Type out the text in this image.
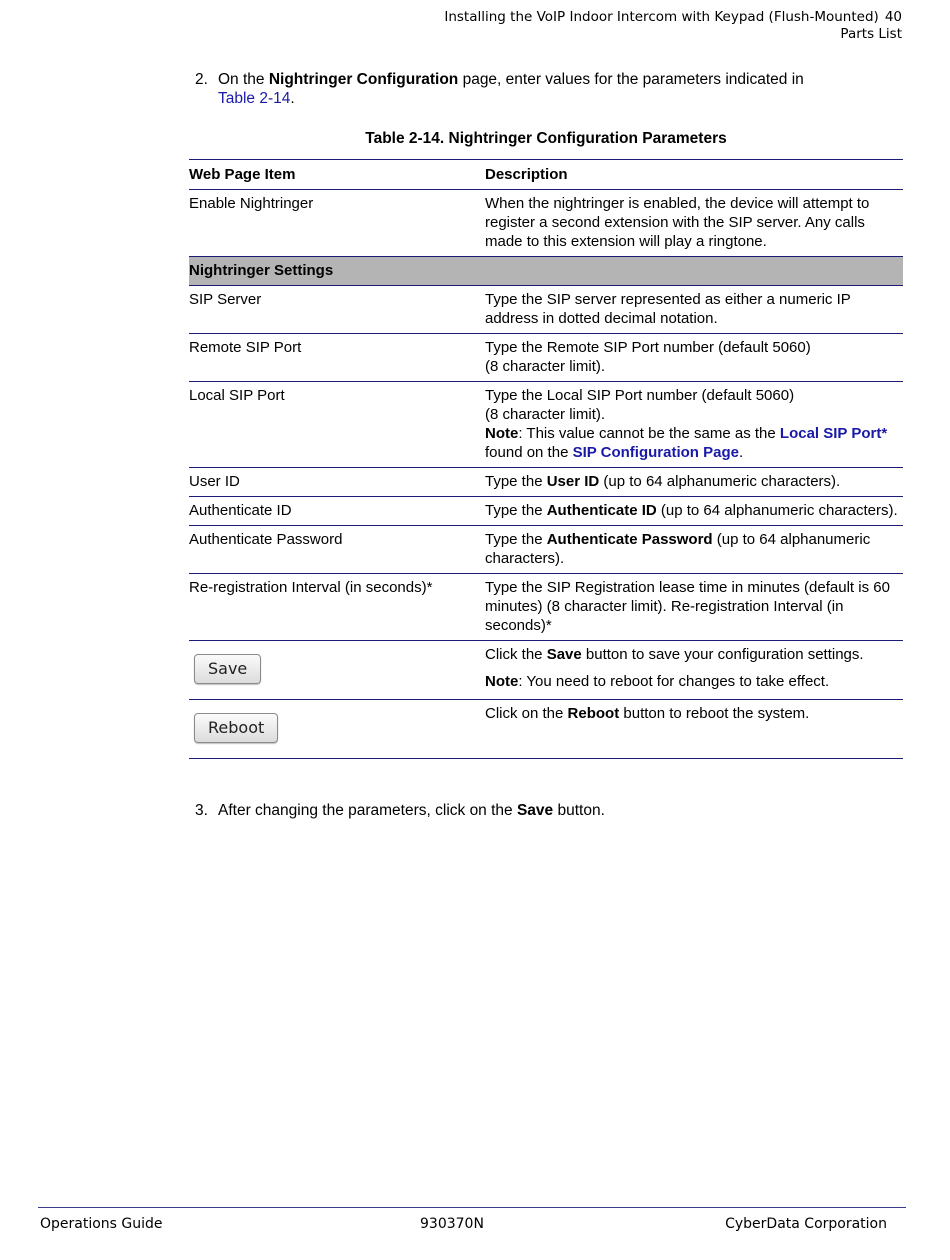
Installing the VoIP Indoor Intercom with Keypad (Flush-Mounted) 40
Parts List
2. On the Nightringer Configuration page, enter values for the parameters indicated in Table 2-14.
Table 2-14. Nightringer Configuration Parameters
Web Page Item	Description
Enable Nightringer	When the nightringer is enabled, the device will attempt to register a second extension with the SIP server. Any calls made to this extension will play a ringtone.
Nightringer Settings	
SIP Server	Type the SIP server represented as either a numeric IP address in dotted decimal notation.
Remote SIP Port	Type the Remote SIP Port number (default 5060)
(8 character limit).

Local SIP Port	Type the Local SIP Port number (default 5060)
(8 character limit).
Note: This value cannot be the same as the Local SIP Port* found on the SIP Configuration Page.

User ID	Type the User ID (up to 64 alphanumeric characters).
Authenticate ID	Type the Authenticate ID (up to 64 alphanumeric characters).
Authenticate Password	Type the Authenticate Password (up to 64 alphanumeric characters).
Re-registration Interval (in seconds)*	Type the SIP Registration lease time in minutes (default is 60 minutes) (8 character limit). Re-registration Interval (in seconds)*
Save	Click the Save button to save your configuration settings.
Note: You need to reboot for changes to take effect.

Reboot	Click on the Reboot button to reboot the system.
3. After changing the parameters, click on the Save button.
Operations Guide	930370N	CyberData Corporation
